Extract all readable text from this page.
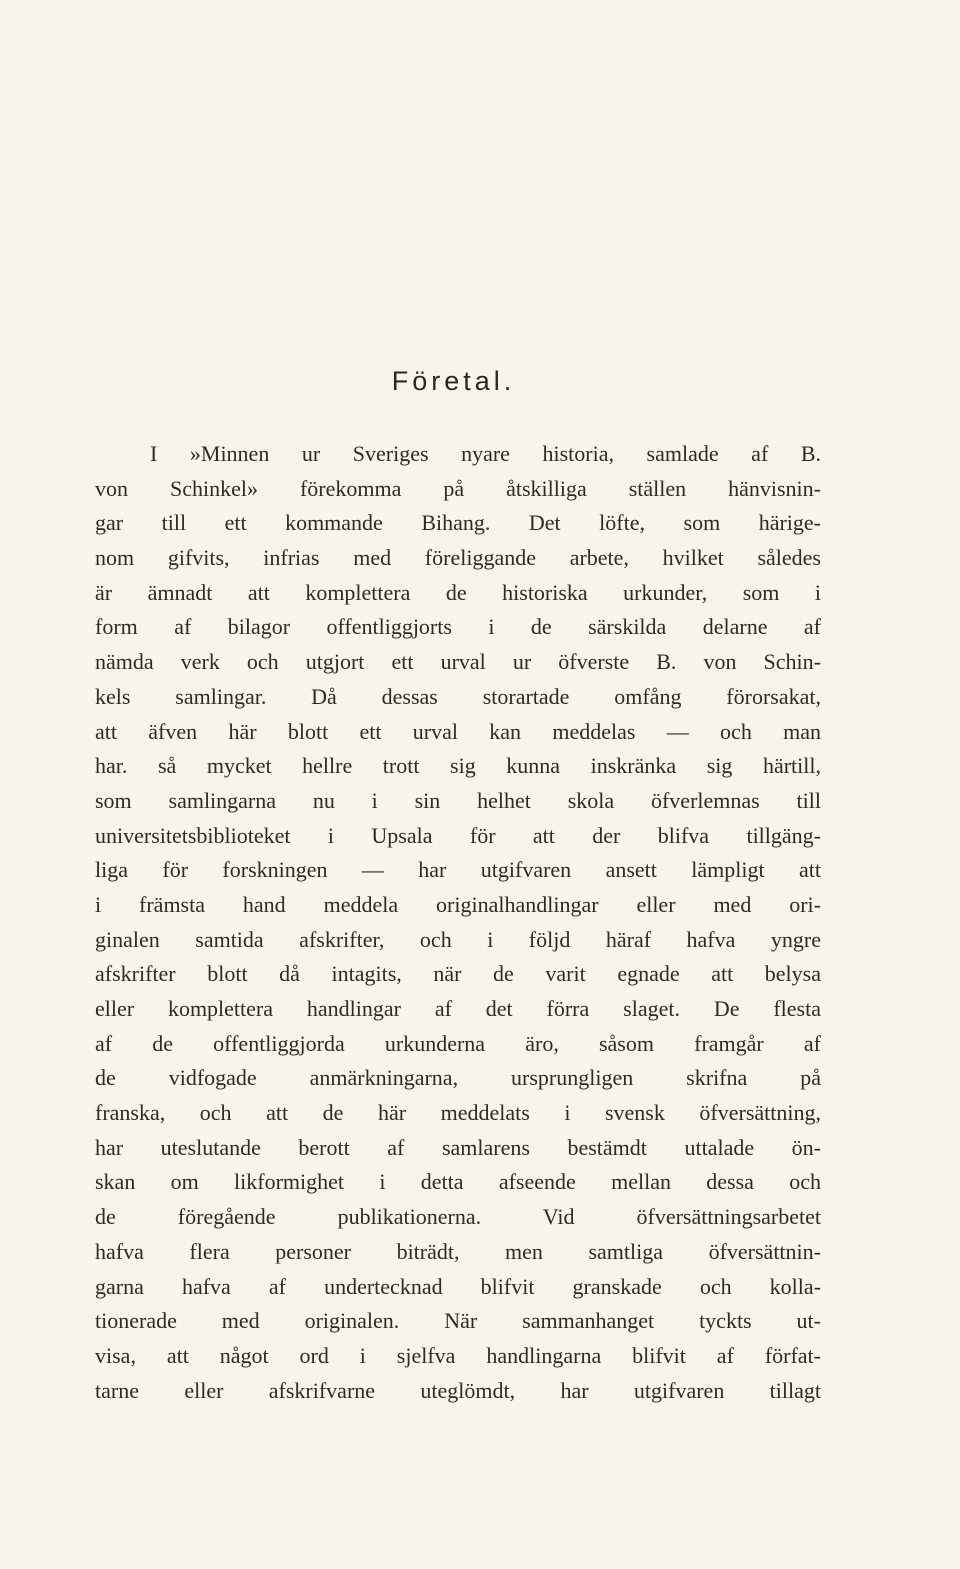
Företal.
I »Minnen ur Sveriges nyare historia, samlade af B.
von Schinkel» förekomma på åtskilliga ställen hänvisnin-
gar till ett kommande Bihang. Det löfte, som härige-
nom gifvits, infrias med föreliggande arbete, hvilket således
är ämnadt att komplettera de historiska urkunder, som i
form af bilagor offentliggjorts i de särskilda delarne af
nämda verk och utgjort ett urval ur öfverste B. von Schin-
kels samlingar. Då dessas storartade omfång förorsakat,
att äfven här blott ett urval kan meddelas — och man
har. så mycket hellre trott sig kunna inskränka sig härtill,
som samlingarna nu i sin helhet skola öfverlemnas till
universitetsbiblioteket i Upsala för att der blifva tillgäng-
liga för forskningen — har utgifvaren ansett lämpligt att
i främsta hand meddela originalhandlingar eller med ori-
ginalen samtida afskrifter, och i följd häraf hafva yngre
afskrifter blott då intagits, när de varit egnade att belysa
eller komplettera handlingar af det förra slaget. De flesta
af de offentliggjorda urkunderna äro, såsom framgår af
de vidfogade anmärkningarna, ursprungligen skrifna på
franska, och att de här meddelats i svensk öfversättning,
har uteslutande berott af samlarens bestämdt uttalade ön-
skan om likformighet i detta afseende mellan dessa och
de föregående publikationerna. Vid öfversättningsarbetet
hafva flera personer biträdt, men samtliga öfversättnin-
garna hafva af undertecknad blifvit granskade och kolla-
tionerade med originalen. När sammanhanget tyckts ut-
visa, att något ord i sjelfva handlingarna blifvit af förfat-
tarne eller afskrifvarne uteglömdt, har utgifvaren tillagt
